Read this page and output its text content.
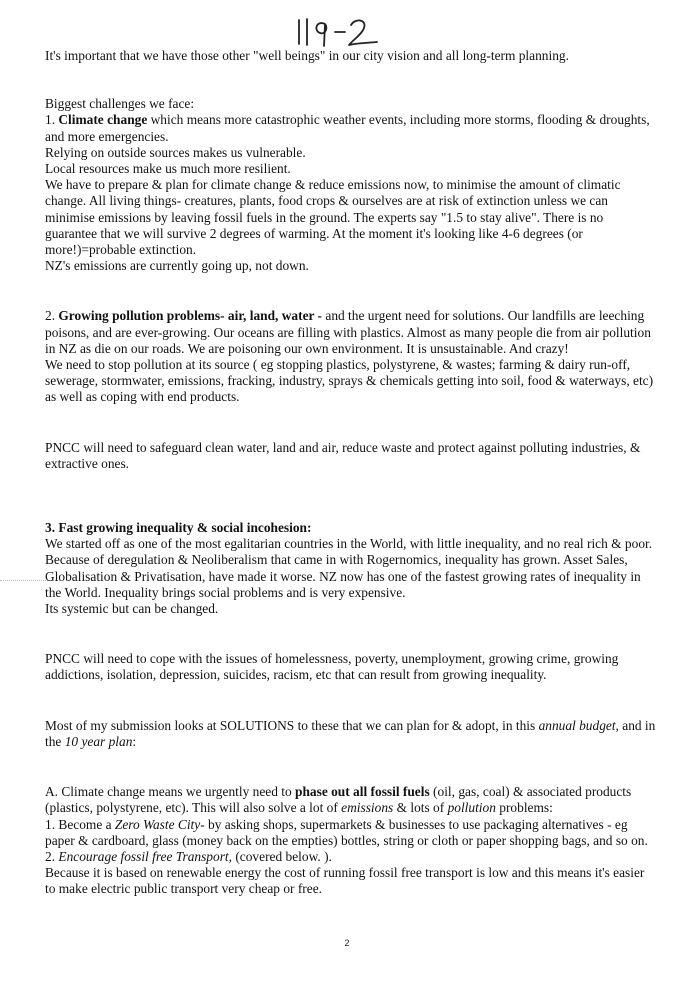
It's important that we have those other "well beings" in our city vision and all long-term planning.

Biggest challenges we face:

1. Climate change which means more catastrophic weather events, including more storms, flooding & droughts, and more emergencies.

Relying on outside sources makes us vulnerable.

Local resources make us much more resilient.

We have to prepare & plan for climate change & reduce emissions now, to minimise the amount of climatic change. All living things- creatures, plants, food crops & ourselves are at risk of extinction unless we can minimise emissions by leaving fossil fuels in the ground. The experts say "1.5 to stay alive". There is no guarantee that we will survive 2 degrees of warming. At the moment it's looking like 4-6 degrees (or more!)=probable extinction.

NZ's emissions are currently going up, not down.

2. Growing pollution problems- air, land, water - and the urgent need for solutions. Our landfills are leeching poisons, and are ever-growing. Our oceans are filling with plastics. Almost as many people die from air pollution in NZ as die on our roads. We are poisoning our own environment. It is unsustainable. And crazy!

We need to stop pollution at its source ( eg stopping plastics, polystyrene, & wastes; farming & dairy run-off, sewerage, stormwater, emissions, fracking, industry, sprays & chemicals getting into soil, food & waterways, etc) as well as coping with end products.

PNCC will need to safeguard clean water, land and air, reduce waste and protect against polluting industries, & extractive ones.

3. Fast growing inequality & social incohesion:

We started off as one of the most egalitarian countries in the World, with little inequality, and no real rich & poor. Because of deregulation & Neoliberalism that came in with Rogernomics, inequality has grown. Asset Sales, Globalisation & Privatisation, have made it worse. NZ now has one of the fastest growing rates of inequality in the World. Inequality brings social problems and is very expensive.

Its systemic but can be changed.

PNCC will need to cope with the issues of homelessness, poverty, unemployment, growing crime, growing addictions, isolation, depression, suicides, racism, etc that can result from growing inequality.

Most of my submission looks at SOLUTIONS to these that we can plan for & adopt, in this annual budget, and in the 10 year plan:

A. Climate change means we urgently need to phase out all fossil fuels (oil, gas, coal) & associated products (plastics, polystyrene, etc). This will also solve a lot of emissions & lots of pollution problems:

1. Become a Zero Waste City- by asking shops, supermarkets & businesses to use packaging alternatives - eg paper & cardboard, glass (money back on the empties) bottles, string or cloth or paper shopping bags, and so on.

2. Encourage fossil free Transport, (covered below. ).

Because it is based on renewable energy the cost of running fossil free transport is low and this means it's easier to make electric public transport very cheap or free.

2
